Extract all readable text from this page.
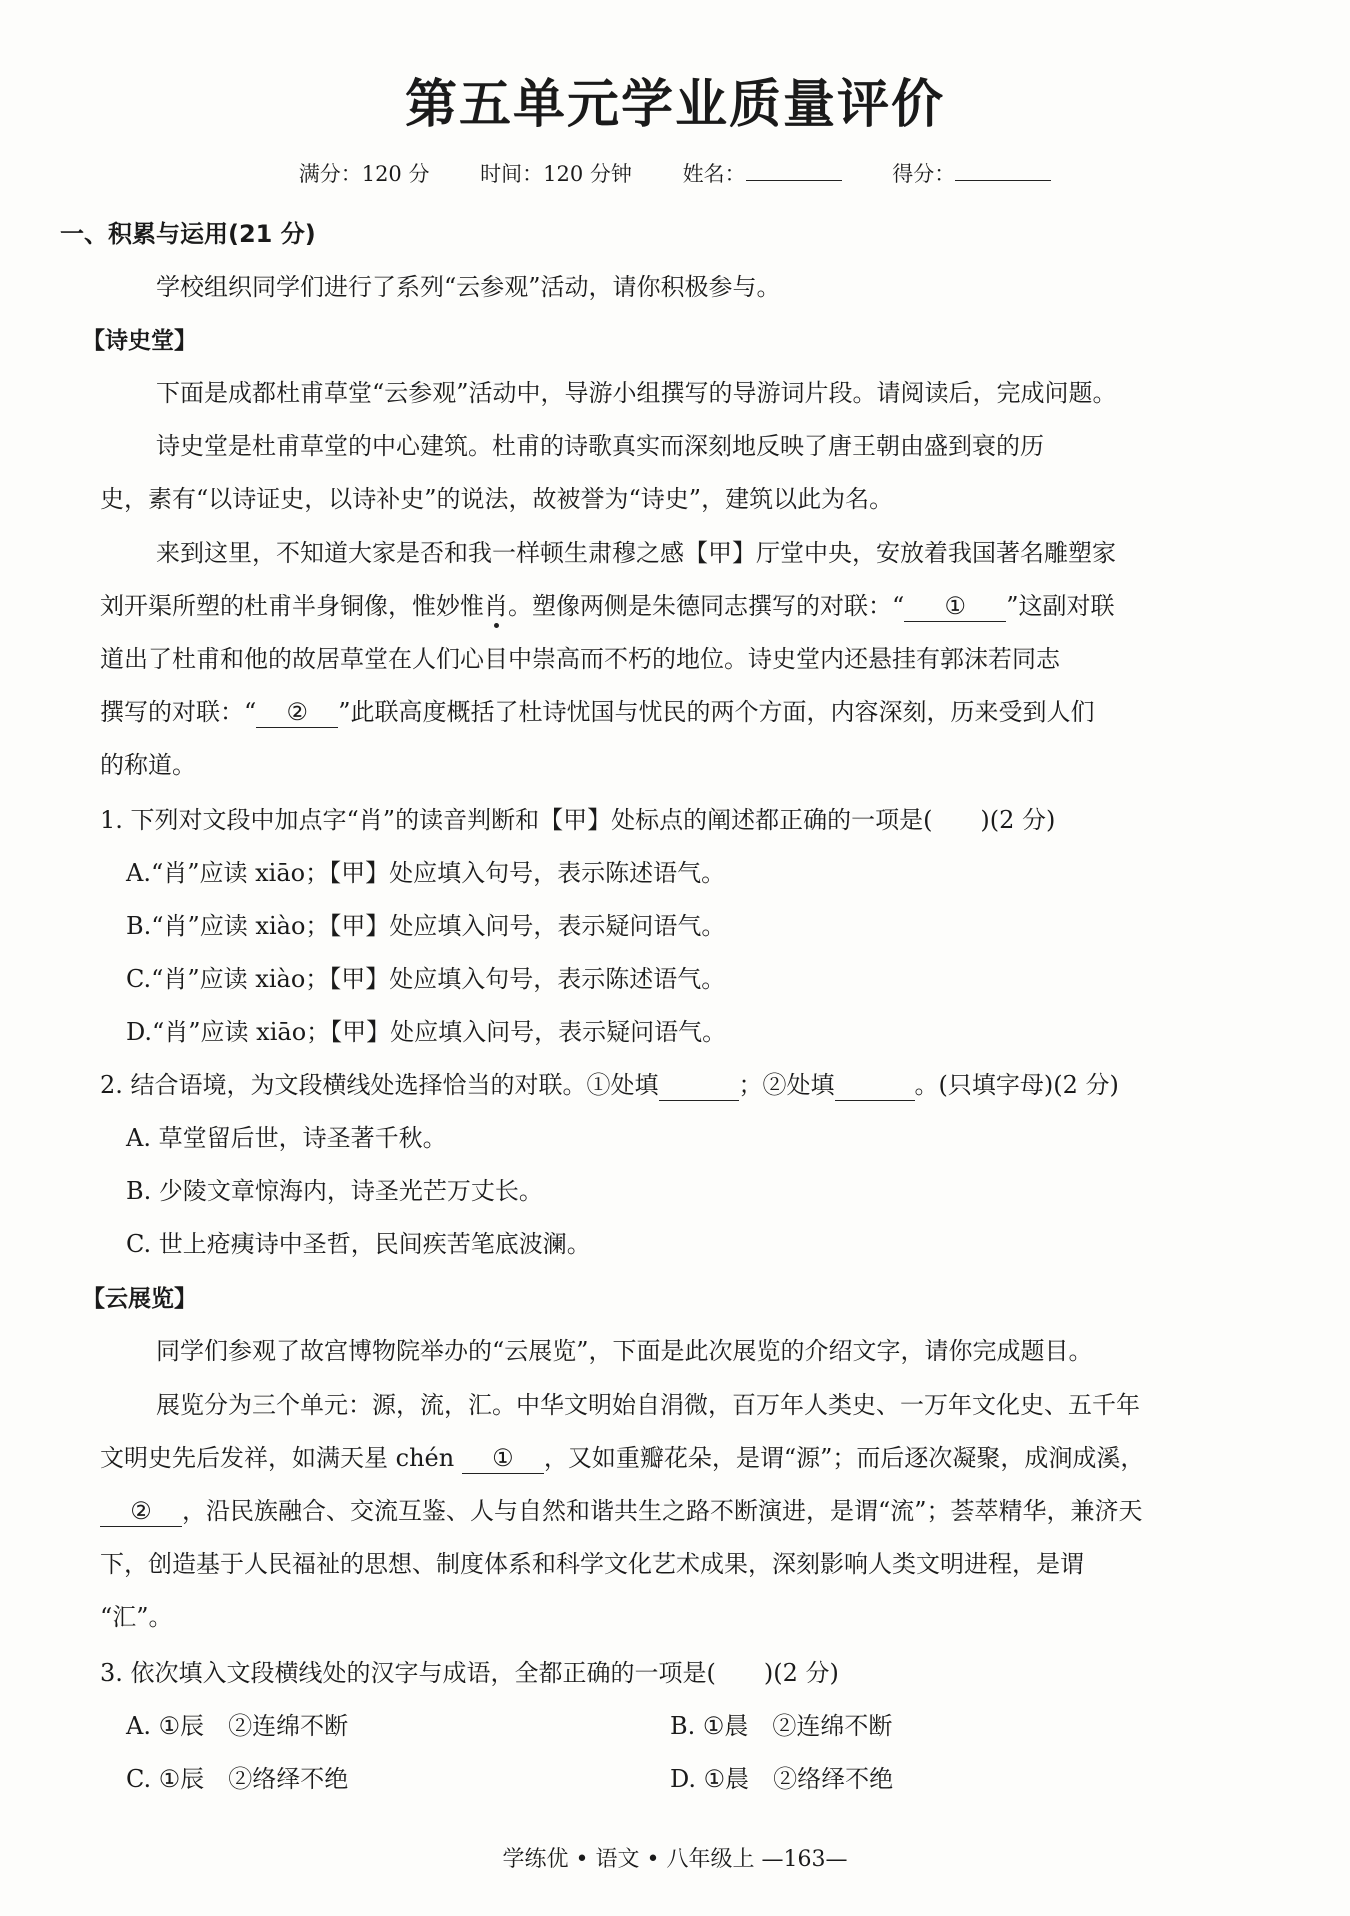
第五单元学业质量评价
满分：120 分 时间：120 分钟 姓名：	得分：
一、积累与运用(21 分)
学校组织同学们进行了系列“云参观”活动，请你积极参与。
【诗史堂】
下面是成都杜甫草堂“云参观”活动中，导游小组撰写的导游词片段。请阅读后，完成问题。
诗史堂是杜甫草堂的中心建筑。杜甫的诗歌真实而深刻地反映了唐王朝由盛到衰的历
史，素有“以诗证史，以诗补史”的说法，故被誉为“诗史”，建筑以此为名。
来到这里，不知道大家是否和我一样顿生肃穆之感【甲】厅堂中央，安放着我国著名雕塑家
刘开渠所塑的杜甫半身铜像，惟妙惟肖。塑像两侧是朱德同志撰写的对联：“ ① ”这副对联
道出了杜甫和他的故居草堂在人们心目中崇高而不朽的地位。诗史堂内还悬挂有郭沫若同志
撰写的对联：“ ② ”此联高度概括了杜诗忧国与忧民的两个方面，内容深刻，历来受到人们
的称道。
1. 下列对文段中加点字“肖”的读音判断和【甲】处标点的阐述都正确的一项是(　　)(2 分)
A.“肖”应读 xiāo；【甲】处应填入句号，表示陈述语气。
B.“肖”应读 xiào；【甲】处应填入问号，表示疑问语气。
C.“肖”应读 xiào；【甲】处应填入句号，表示陈述语气。
D.“肖”应读 xiāo；【甲】处应填入问号，表示疑问语气。
2. 结合语境，为文段横线处选择恰当的对联。①处填	；②处填	。(只填字母)(2 分)
A. 草堂留后世，诗圣著千秋。
B. 少陵文章惊海内，诗圣光芒万丈长。
C. 世上疮痍诗中圣哲，民间疾苦笔底波澜。
【云展览】
同学们参观了故宫博物院举办的“云展览”，下面是此次展览的介绍文字，请你完成题目。
展览分为三个单元：源，流，汇。中华文明始自涓微，百万年人类史、一万年文化史、五千年
文明史先后发祥，如满天星 chén ① ，又如重瓣花朵，是谓“源”；而后逐次凝聚，成涧成溪，
② ，沿民族融合、交流互鉴、人与自然和谐共生之路不断演进，是谓“流”；荟萃精华，兼济天
下，创造基于人民福祉的思想、制度体系和科学文化艺术成果，深刻影响人类文明进程，是谓
“汇”。
3. 依次填入文段横线处的汉字与成语，全都正确的一项是(　　)(2 分)
A. ①辰　②连绵不断	B. ①晨　②连绵不断
C. ①辰　②络绎不绝	D. ①晨　②络绎不绝
学练优 • 语文 • 八年级上 —163—
